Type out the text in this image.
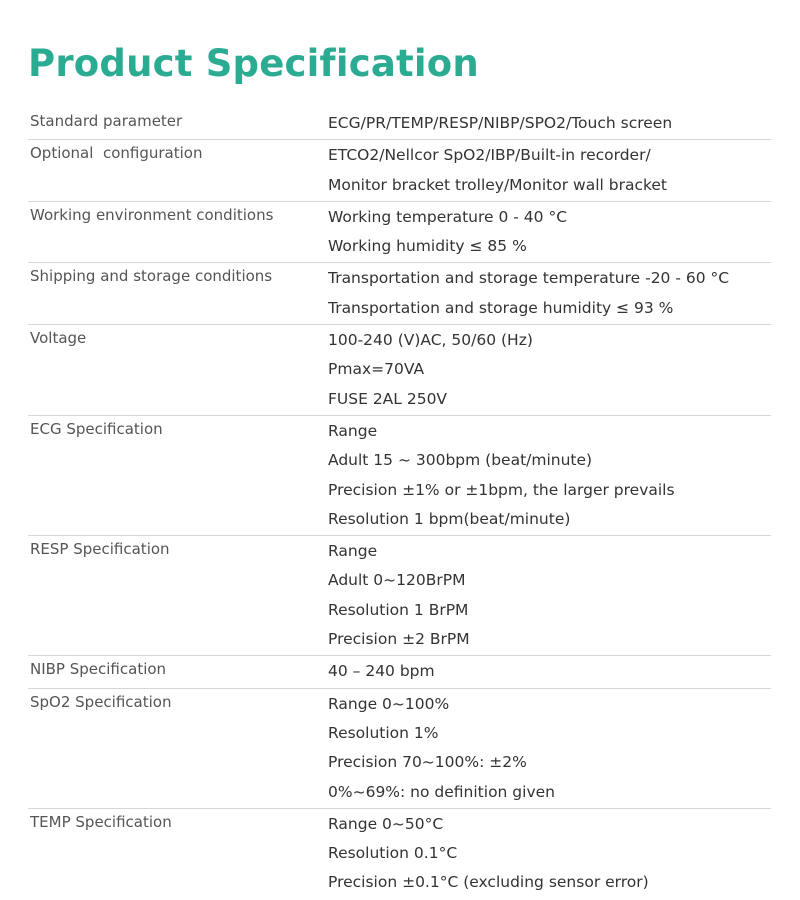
Product Specification
Standard parameter	ECG/PR/TEMP/RESP/NIBP/SPO2/Touch screen
Optional  configuration	ETCO2/Nellcor SpO2/IBP/Built-in recorder/
Monitor bracket trolley/Monitor wall bracket
Working environment conditions	Working temperature 0 - 40 °C
Working humidity ≤ 85 %
Shipping and storage conditions	Transportation and storage temperature -20 - 60 °C
Transportation and storage humidity ≤ 93 %
Voltage	100-240 (V)AC, 50/60 (Hz)
Pmax=70VA
FUSE 2AL 250V
ECG Specification	Range
Adult 15 ~ 300bpm (beat/minute)
Precision ±1% or ±1bpm, the larger prevails
Resolution 1 bpm(beat/minute)
RESP Specification	Range
Adult 0~120BrPM
Resolution 1 BrPM
Precision ±2 BrPM
NIBP Specification	40 – 240 bpm
SpO2 Specification	Range 0~100%
Resolution 1%
Precision 70~100%: ±2%
0%~69%: no definition given
TEMP Specification	Range 0~50°C
Resolution 0.1°C
Precision ±0.1°C (excluding sensor error)
